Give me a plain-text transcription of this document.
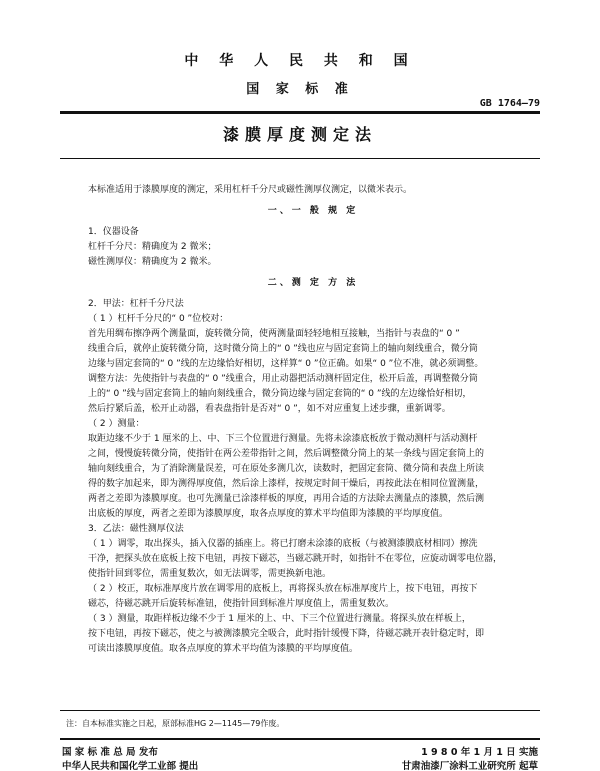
中 华 人 民 共 和 国
国 家 标 准
GB 1764—79
漆膜厚度测定法

本标准适用于漆膜厚度的测定，采用杠杆千分尺或磁性测厚仪测定，以微米表示。

一、一 般 规 定

1．仪器设备

杠杆千分尺：精确度为 2 微米；

磁性测厚仪：精确度为 2 微米。

二、测 定 方 法

2．甲法：杠杆千分尺法

（ 1 ）杠杆千分尺的“ 0 ”位校对：

首先用绸布擦净两个测量面，旋转微分筒，使两测量面轻轻地相互接触，当指针与表盘的“ 0 ”

线重合后，就停止旋转微分筒，这时微分筒上的“ 0 ”线也应与固定套筒上的轴向刻线重合，微分筒

边缘与固定套筒的“ 0 ”线的左边缘恰好相切，这样算“ 0 ”位正确。如果“ 0 ”位不准，就必须调整。

调整方法：先使指针与表盘的“ 0 ”线重合，用止动器把活动测杆固定住，松开后盖，再调整微分筒

上的“ 0 ”线与固定套筒上的轴向刻线重合，微分筒边缘与固定套筒的“ 0 ”线的左边缘恰好相切，

然后拧紧后盖，松开止动器，看表盘指针是否对“ 0 ”，如不对应重复上述步骤，重新调零。

（ 2 ）测量：

取距边缘不少于 1 厘米的上、中、下三个位置进行测量。先将未涂漆底板放于微动测杆与活动测杆

之间，慢慢旋转微分筒，使指针在两公差带指针之间，然后调整微分筒上的某一条线与固定套筒上的

轴向刻线重合，为了消除测量误差，可在原处多测几次，读数时，把固定套筒、微分筒和表盘上所读

得的数字加起来，即为测得厚度值，然后涂上漆样，按规定时间干燥后，再按此法在相同位置测量，

两者之差即为漆膜厚度。也可先测量已涂漆样板的厚度，再用合适的方法除去测量点的漆膜，然后测

出底板的厚度，两者之差即为漆膜厚度，取各点厚度的算术平均值即为漆膜的平均厚度值。

3．乙法：磁性测厚仪法

（ 1 ）调零，取出探头，插入仪器的插座上。将已打磨未涂漆的底板（与被测漆膜底材相同）擦洗

干净，把探头放在底板上按下电钮，再按下磁芯，当磁芯跳开时，如指针不在零位，应旋动调零电位器，

使指针回到零位，需重复数次，如无法调零，需更换新电池。

（ 2 ）校正，取标准厚度片放在调零用的底板上，再将探头放在标准厚度片上，按下电钮，再按下

磁芯，待磁芯跳开后旋转标准钮，使指针回到标准片厚度值上，需重复数次。

（ 3 ）测量，取距样板边缘不少于 1 厘米的上、中、下三个位置进行测量。将探头放在样板上，

按下电钮，再按下磁芯，使之与被测漆膜完全吸合，此时指针缓慢下降，待磁芯跳开表针稳定时，即

可读出漆膜厚度值。取各点厚度的算术平均值为漆膜的平均厚度值。

注：自本标准实施之日起，原部标准HG 2—1145—79作废。
国 家 标 准 总 局 发布	1 9 8 0 年 1 月 1 日 实施
中华人民共和国化学工业部 提出	甘肃油漆厂涂料工业研究所 起草
